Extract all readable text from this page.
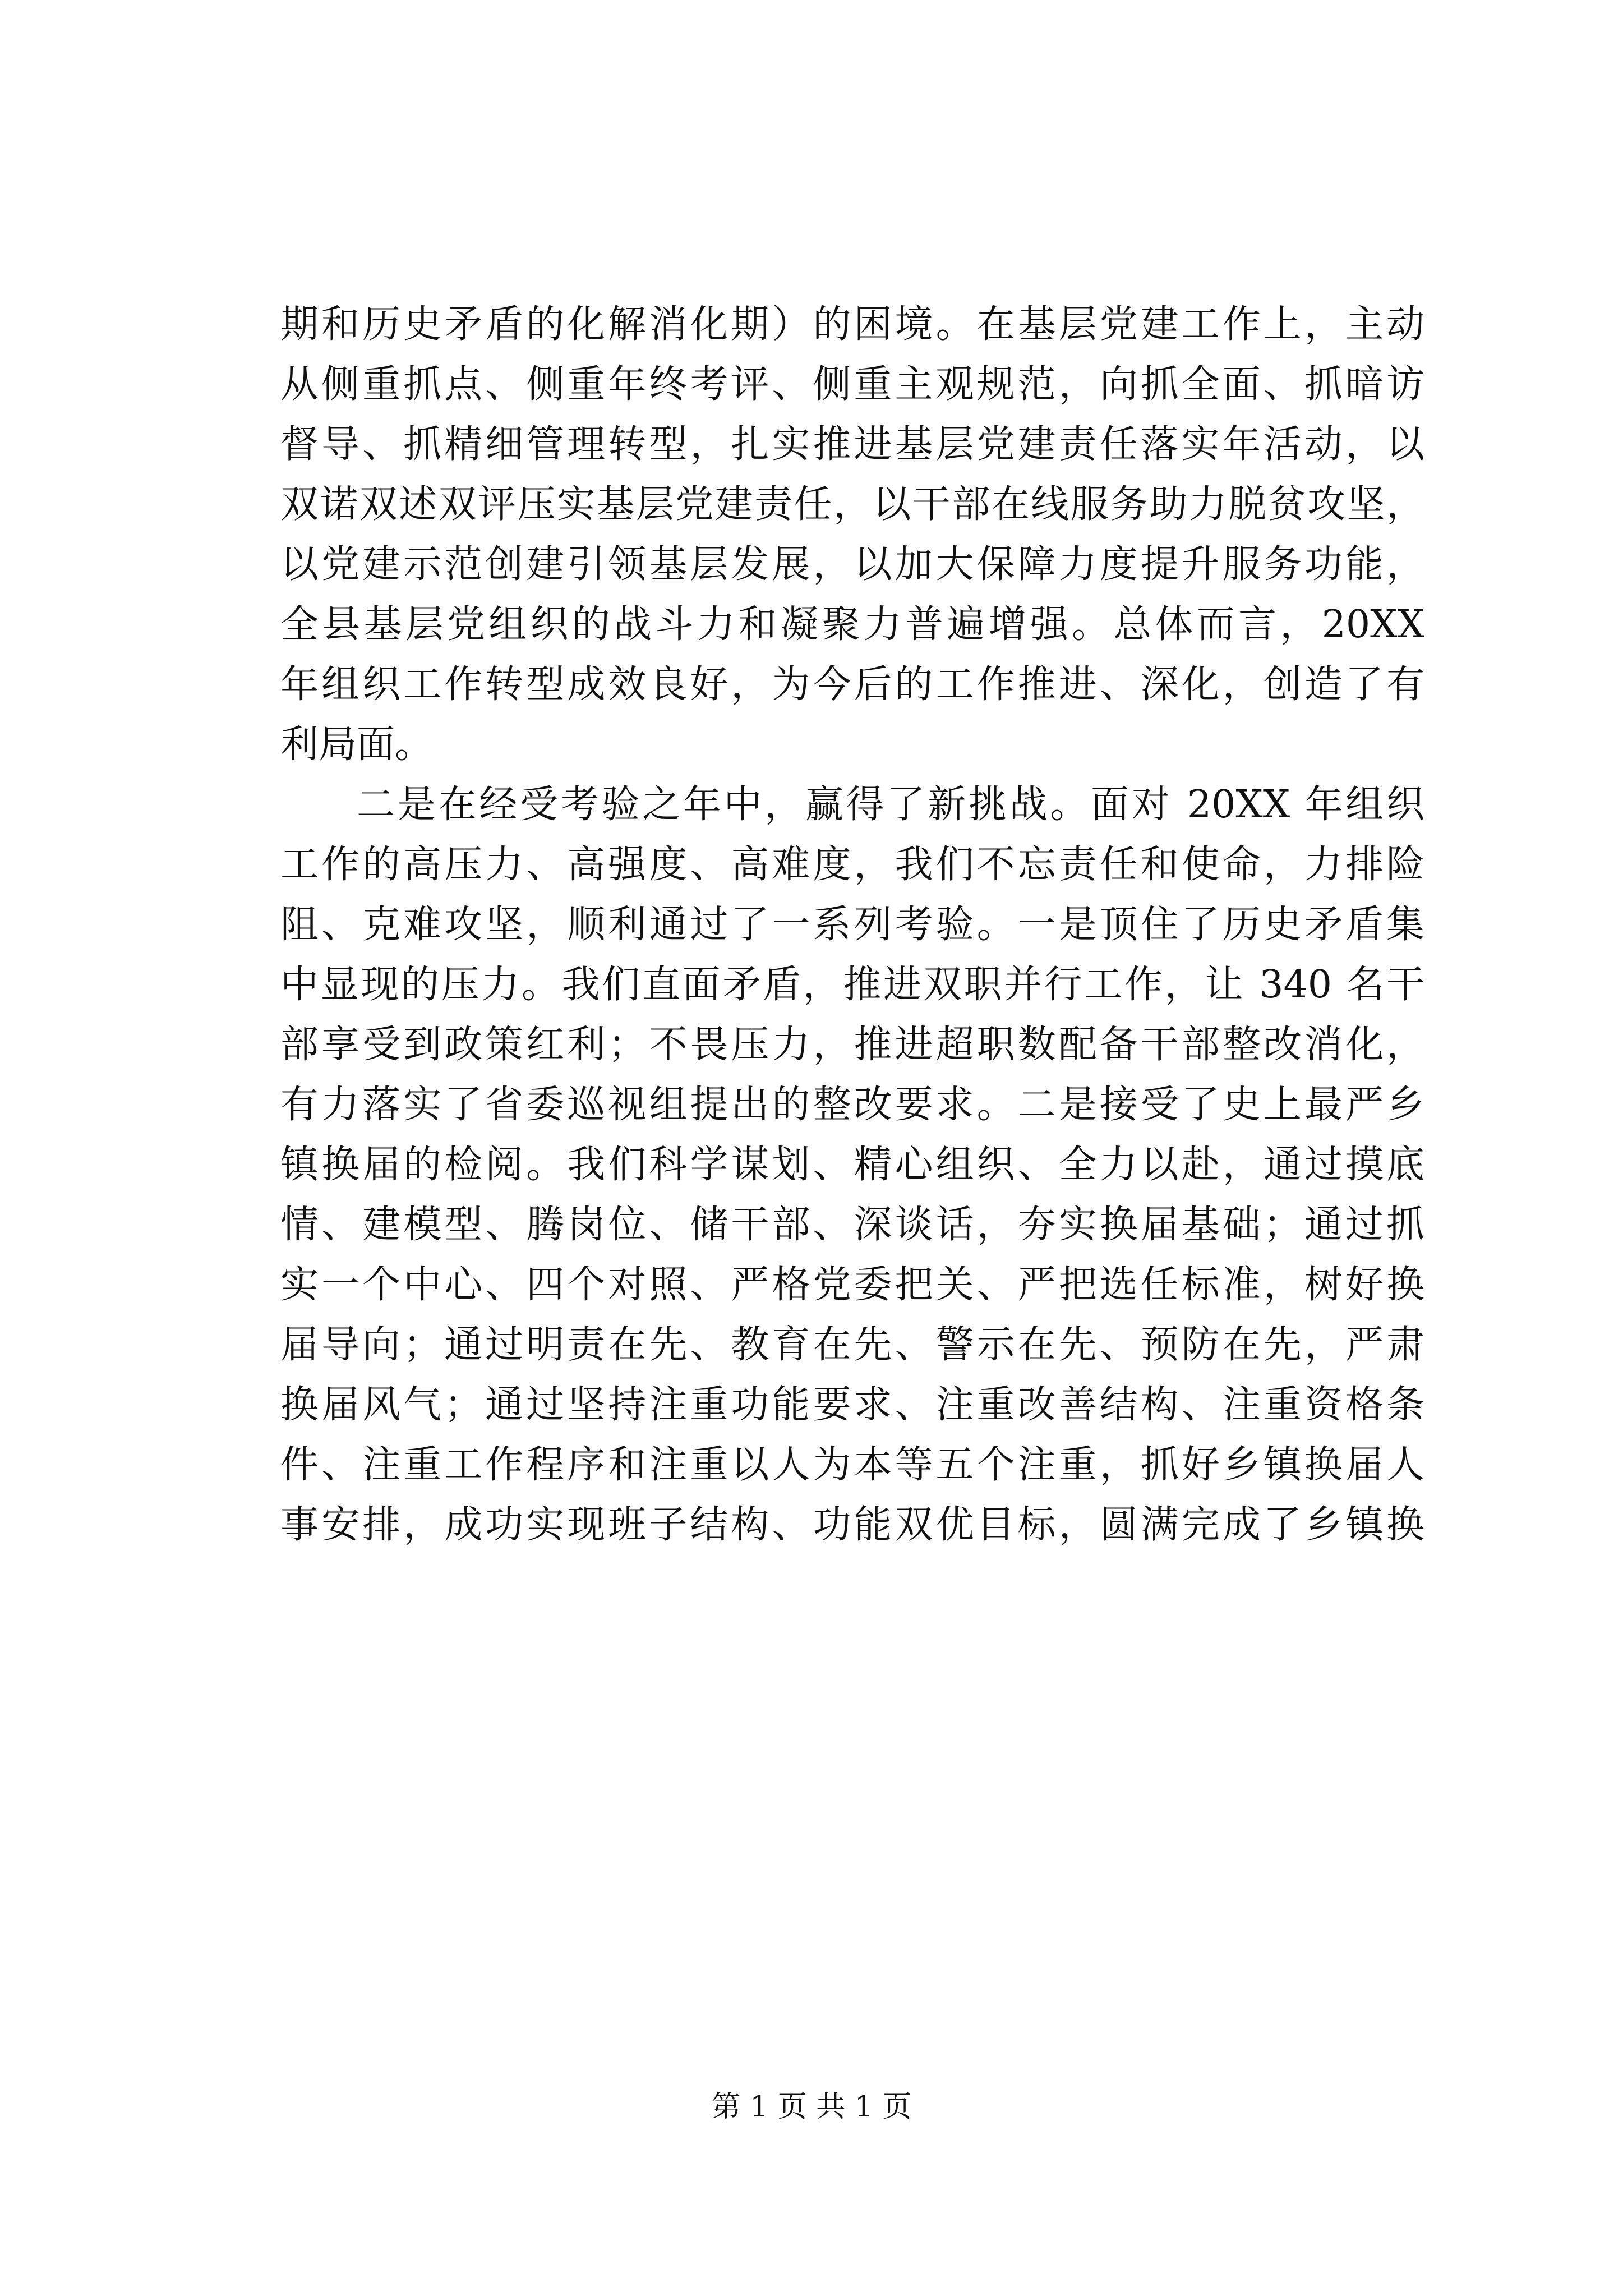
期和历史矛盾的化解消化期）的困境。在基层党建工作上，主动
从侧重抓点、侧重年终考评、侧重主观规范，向抓全面、抓暗访
督导、抓精细管理转型，扎实推进基层党建责任落实年活动，以
双诺双述双评压实基层党建责任，以干部在线服务助力脱贫攻坚，
以党建示范创建引领基层发展，以加大保障力度提升服务功能，
全县基层党组织的战斗力和凝聚力普遍增强。总体而言，20XX
年组织工作转型成效良好，为今后的工作推进、深化，创造了有
利局面。
二是在经受考验之年中，赢得了新挑战。面对 20XX 年组织
工作的高压力、高强度、高难度，我们不忘责任和使命，力排险
阻、克难攻坚，顺利通过了一系列考验。一是顶住了历史矛盾集
中显现的压力。我们直面矛盾，推进双职并行工作，让 340 名干
部享受到政策红利；不畏压力，推进超职数配备干部整改消化，
有力落实了省委巡视组提出的整改要求。二是接受了史上最严乡
镇换届的检阅。我们科学谋划、精心组织、全力以赴，通过摸底
情、建模型、腾岗位、储干部、深谈话，夯实换届基础；通过抓
实一个中心、四个对照、严格党委把关、严把选任标准，树好换
届导向；通过明责在先、教育在先、警示在先、预防在先，严肃
换届风气；通过坚持注重功能要求、注重改善结构、注重资格条
件、注重工作程序和注重以人为本等五个注重，抓好乡镇换届人
事安排，成功实现班子结构、功能双优目标，圆满完成了乡镇换
第 1 页 共 1 页
